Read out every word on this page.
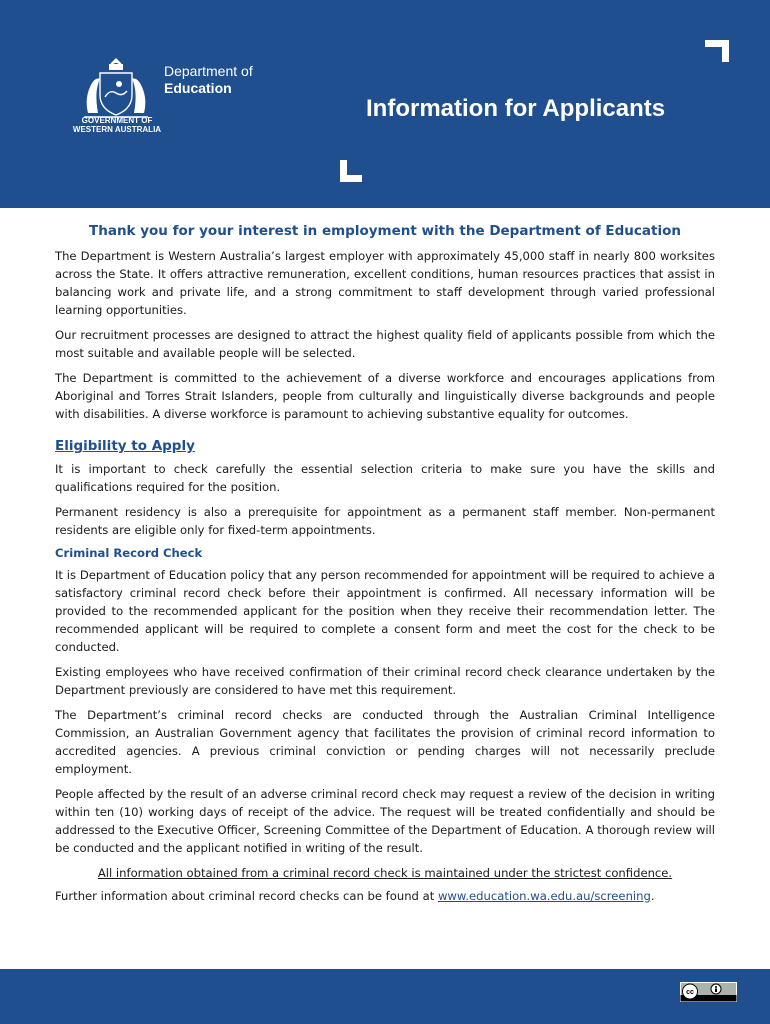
GOVERNMENT OF
WESTERN AUSTRALIA
Department of
Education
Information for Applicants
Thank you for your interest in employment with the Department of Education

The Department is Western Australia’s largest employer with approximately 45,000 staff in nearly 800 worksites across the State. It offers attractive remuneration, excellent conditions, human resources practices that assist in balancing work and private life, and a strong commitment to staff development through varied professional learning opportunities.

Our recruitment processes are designed to attract the highest quality field of applicants possible from which the most suitable and available people will be selected.

The Department is committed to the achievement of a diverse workforce and encourages applications from Aboriginal and Torres Strait Islanders, people from culturally and linguistically diverse backgrounds and people with disabilities. A diverse workforce is paramount to achieving substantive equality for outcomes.

Eligibility to Apply

It is important to check carefully the essential selection criteria to make sure you have the skills and qualifications required for the position.

Permanent residency is also a prerequisite for appointment as a permanent staff member. Non-permanent residents are eligible only for fixed-term appointments.

Criminal Record Check

It is Department of Education policy that any person recommended for appointment will be required to achieve a satisfactory criminal record check before their appointment is confirmed. All necessary information will be provided to the recommended applicant for the position when they receive their recommendation letter. The recommended applicant will be required to complete a consent form and meet the cost for the check to be conducted.

Existing employees who have received confirmation of their criminal record check clearance undertaken by the Department previously are considered to have met this requirement.

The Department’s criminal record checks are conducted through the Australian Criminal Intelligence Commission, an Australian Government agency that facilitates the provision of criminal record information to accredited agencies. A previous criminal conviction or pending charges will not necessarily preclude employment.

People affected by the result of an adverse criminal record check may request a review of the decision in writing within ten (10) working days of receipt of the advice. The request will be treated confidentially and should be addressed to the Executive Officer, Screening Committee of the Department of Education. A thorough review will be conducted and the applicant notified in writing of the result.

All information obtained from a criminal record check is maintained under the strictest confidence.

Further information about criminal record checks can be found at www.education.wa.edu.au/screening.

cc
